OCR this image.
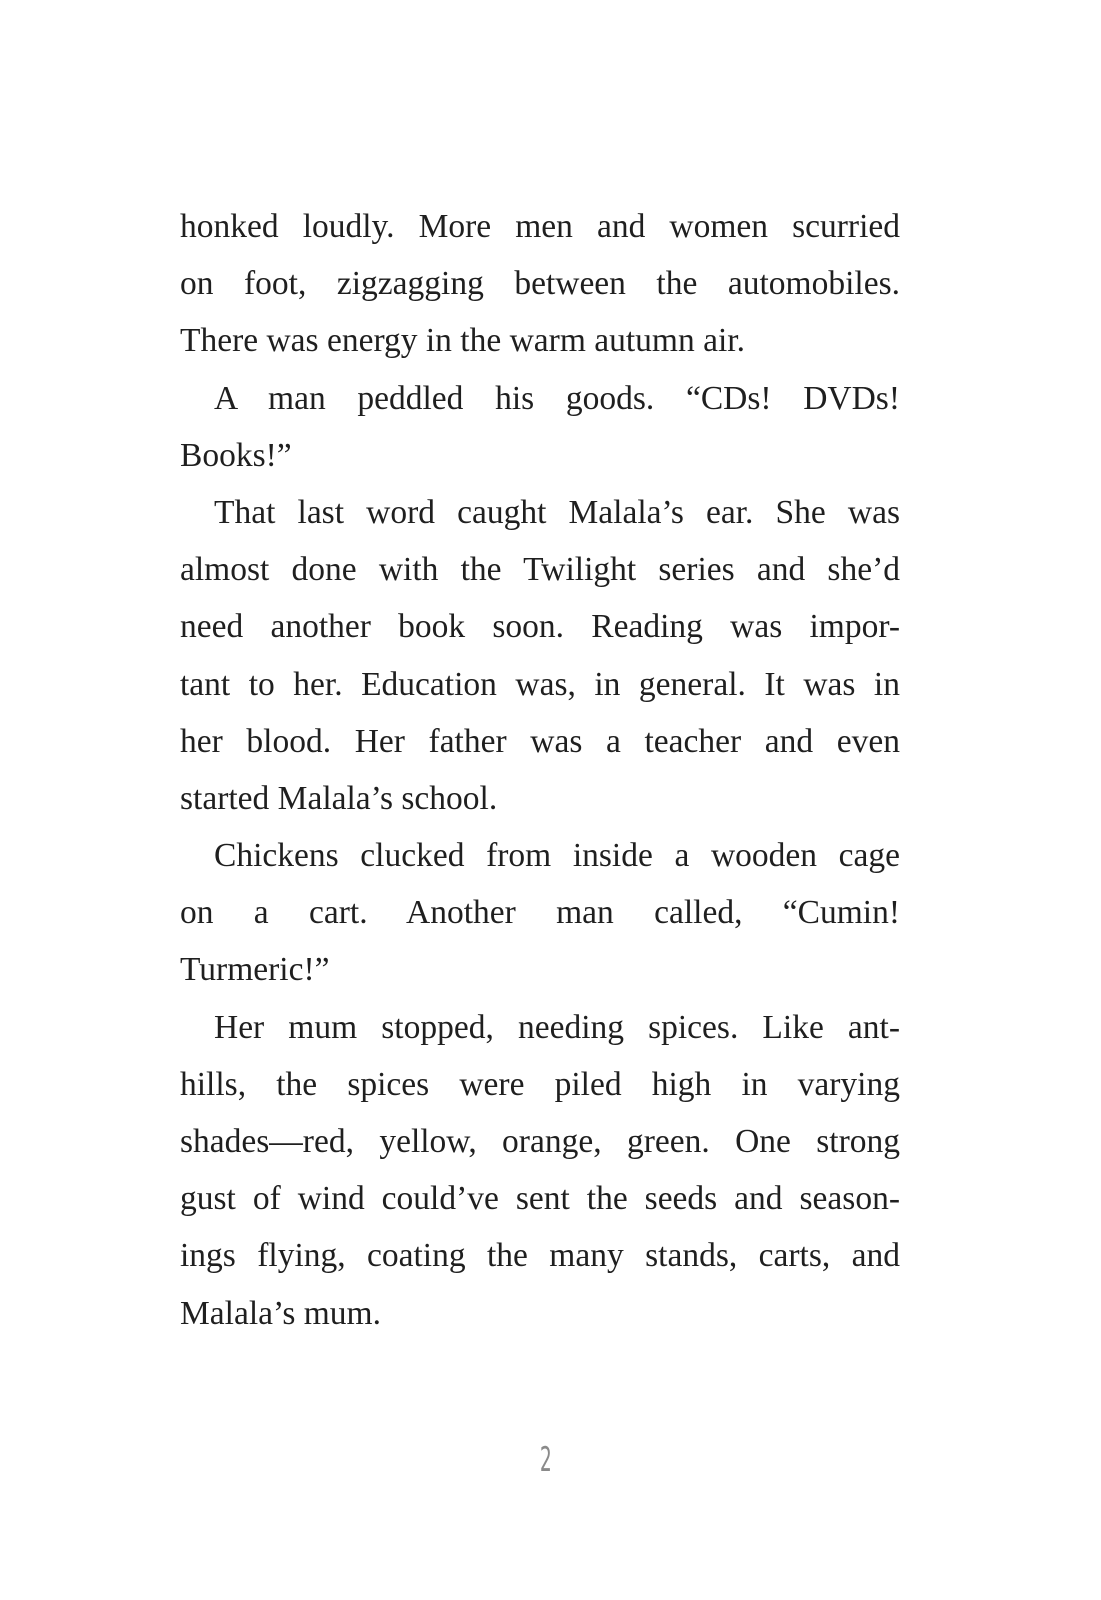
honked loudly. More men and women scurried
on foot, zigzagging between the automobiles.
There was energy in the warm autumn air.
A man peddled his goods. “CDs! DVDs!
Books!”
That last word caught Malala’s ear. She was
almost done with the Twilight series and she’d
need another book soon. Reading was impor-
tant to her. Education was, in general. It was in
her blood. Her father was a teacher and even
started Malala’s school.
Chickens clucked from inside a wooden cage
on a cart. Another man called, “Cumin!
Turmeric!”
Her mum stopped, needing spices. Like ant-
hills, the spices were piled high in varying
shades—red, yellow, orange, green. One strong
gust of wind could’ve sent the seeds and season-
ings flying, coating the many stands, carts, and
Malala’s mum.
2
